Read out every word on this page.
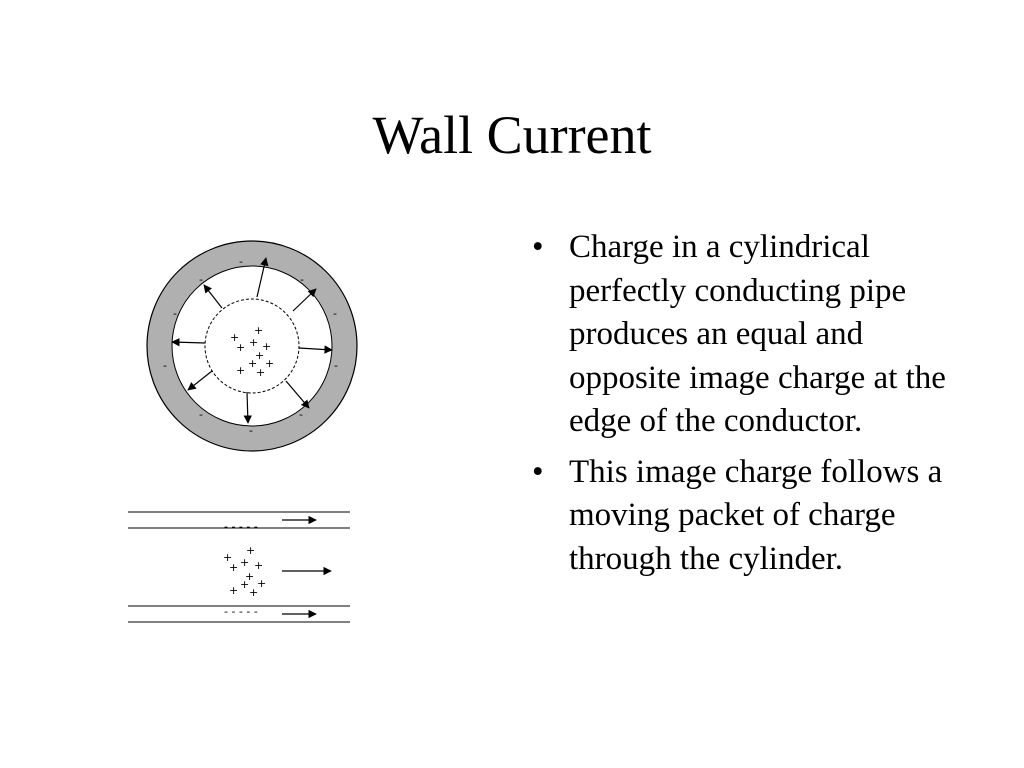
Wall Current
• Charge in a cylindrical perfectly conducting pipe produces an equal and opposite image charge at the edge of the conductor.
• This image charge follows a moving packet of charge through the cylinder.
-
-	-
-	-
-	-
-	-
-
+
+ +
+ +
+
+ +
+ +
- - - - -
- - - - -
+
+ +
+ +
+
+ +
+ +
